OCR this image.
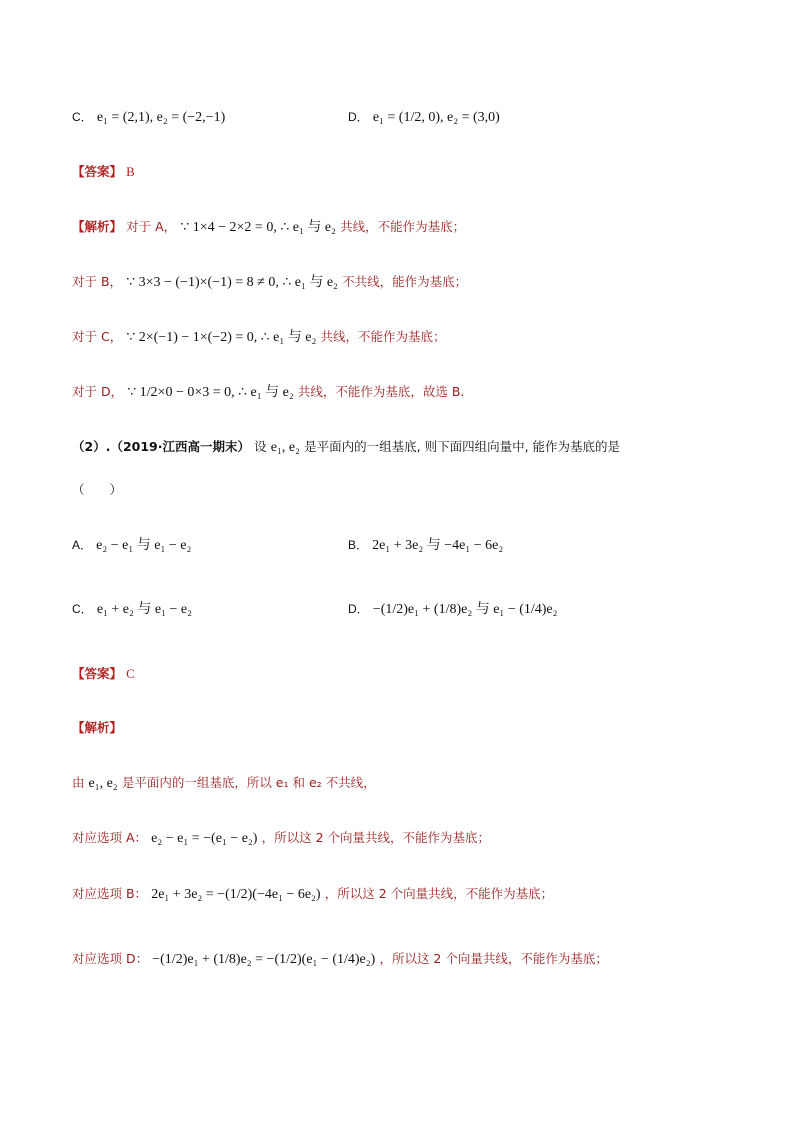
C． e₁ = (2,1), e₂ = (−2,−1)	D． e₁ = (1/2, 0), e₂ = (3,0)
【答案】 B
【解析】 对于 A， ∵ 1×4 − 2×2 = 0, ∴ e₁ 与 e₂ 共线，不能作为基底；
对于 B， ∵ 3×3 − (−1)×(−1) = 8 ≠ 0, ∴ e₁ 与 e₂ 不共线，能作为基底；
对于 C， ∵ 2×(−1) − 1×(−2) = 0, ∴ e₁ 与 e₂ 共线，不能作为基底；
对于 D， ∵ 1/2×0 − 0×3 = 0, ∴ e₁ 与 e₂ 共线，不能作为基底，故选 B.
（2）.（2019·江西高一期末） 设 e₁, e₂ 是平面内的一组基底, 则下面四组向量中, 能作为基底的是
（　　）
A． e₂ − e₁ 与 e₁ − e₂	B． 2e₁ + 3e₂ 与 −4e₁ − 6e₂
C． e₁ + e₂ 与 e₁ − e₂	D． −(1/2)e₁ + (1/8)e₂ 与 e₁ − (1/4)e₂
【答案】 C
【解析】
由 e₁, e₂ 是平面内的一组基底，所以 e₁ 和 e₂ 不共线，
对应选项 A： e₂ − e₁ = −(e₁ − e₂) ，所以这 2 个向量共线，不能作为基底；
对应选项 B： 2e₁ + 3e₂ = −(1/2)(−4e₁ − 6e₂) ，所以这 2 个向量共线，不能作为基底；
对应选项 D： −(1/2)e₁ + (1/8)e₂ = −(1/2)(e₁ − (1/4)e₂) ，所以这 2 个向量共线，不能作为基底；
